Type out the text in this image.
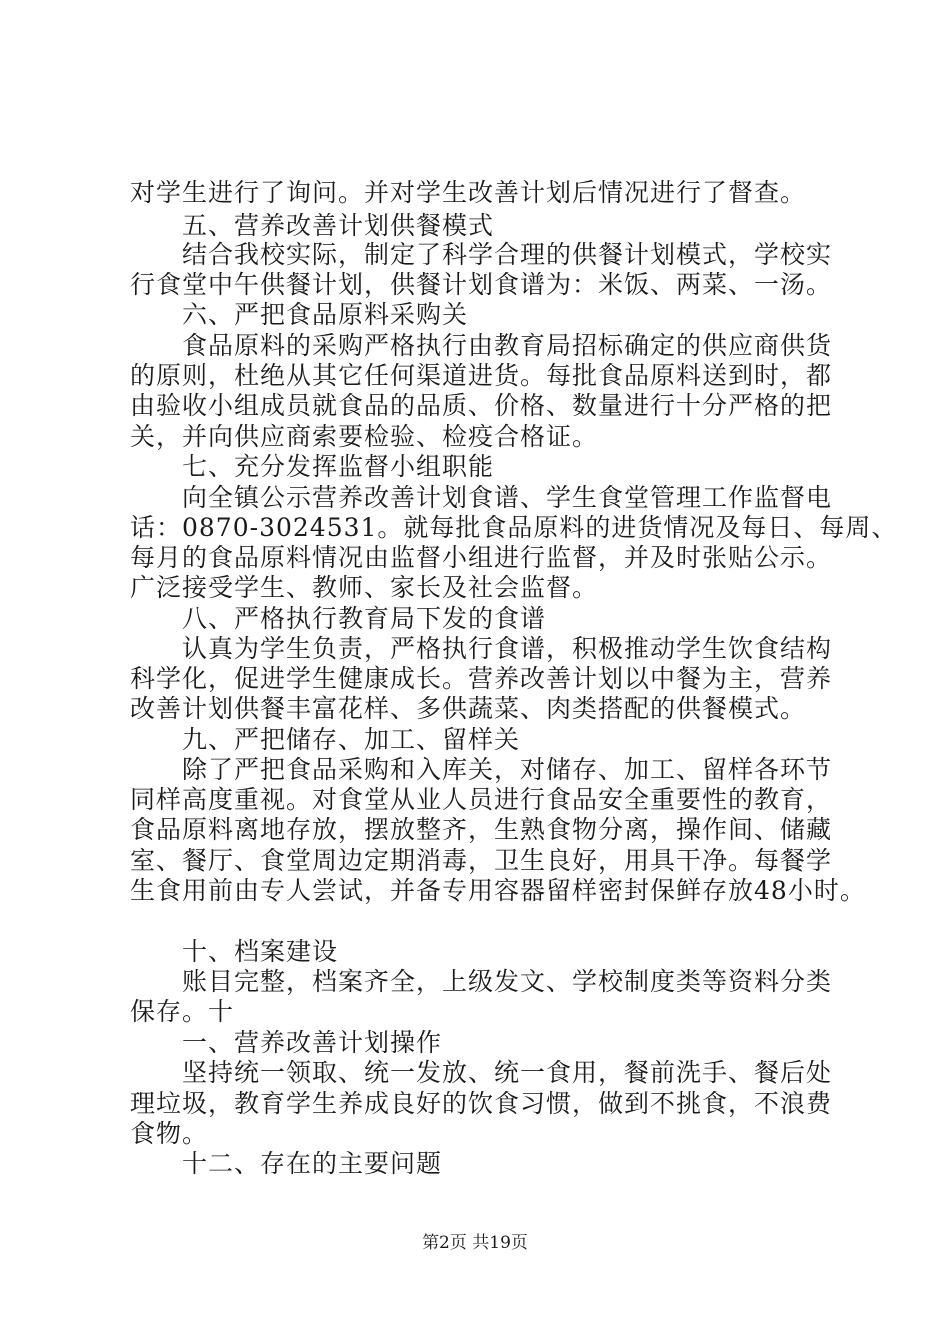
对学生进行了询问。并对学生改善计划后情况进行了督查。
五、营养改善计划供餐模式
结合我校实际，制定了科学合理的供餐计划模式，学校实
行食堂中午供餐计划，供餐计划食谱为：米饭、两菜、一汤。
六、严把食品原料采购关
食品原料的采购严格执行由教育局招标确定的供应商供货
的原则，杜绝从其它任何渠道进货。每批食品原料送到时，都
由验收小组成员就食品的品质、价格、数量进行十分严格的把
关，并向供应商索要检验、检疫合格证。
七、充分发挥监督小组职能
向全镇公示营养改善计划食谱、学生食堂管理工作监督电
话：0870-3024531。就每批食品原料的进货情况及每日、每周、
每月的食品原料情况由监督小组进行监督，并及时张贴公示。
广泛接受学生、教师、家长及社会监督。
八、严格执行教育局下发的食谱
认真为学生负责，严格执行食谱，积极推动学生饮食结构
科学化，促进学生健康成长。营养改善计划以中餐为主，营养
改善计划供餐丰富花样、多供蔬菜、肉类搭配的供餐模式。
九、严把储存、加工、留样关
除了严把食品采购和入库关，对储存、加工、留样各环节
同样高度重视。对食堂从业人员进行食品安全重要性的教育，
食品原料离地存放，摆放整齐，生熟食物分离，操作间、储藏
室、餐厅、食堂周边定期消毒，卫生良好，用具干净。每餐学
生食用前由专人尝试，并备专用容器留样密封保鲜存放48小时。
十、档案建设
账目完整，档案齐全，上级发文、学校制度类等资料分类
保存。十
一、营养改善计划操作
坚持统一领取、统一发放、统一食用，餐前洗手、餐后处
理垃圾，教育学生养成良好的饮食习惯，做到不挑食，不浪费
食物。
十二、存在的主要问题
第2页 共19页
